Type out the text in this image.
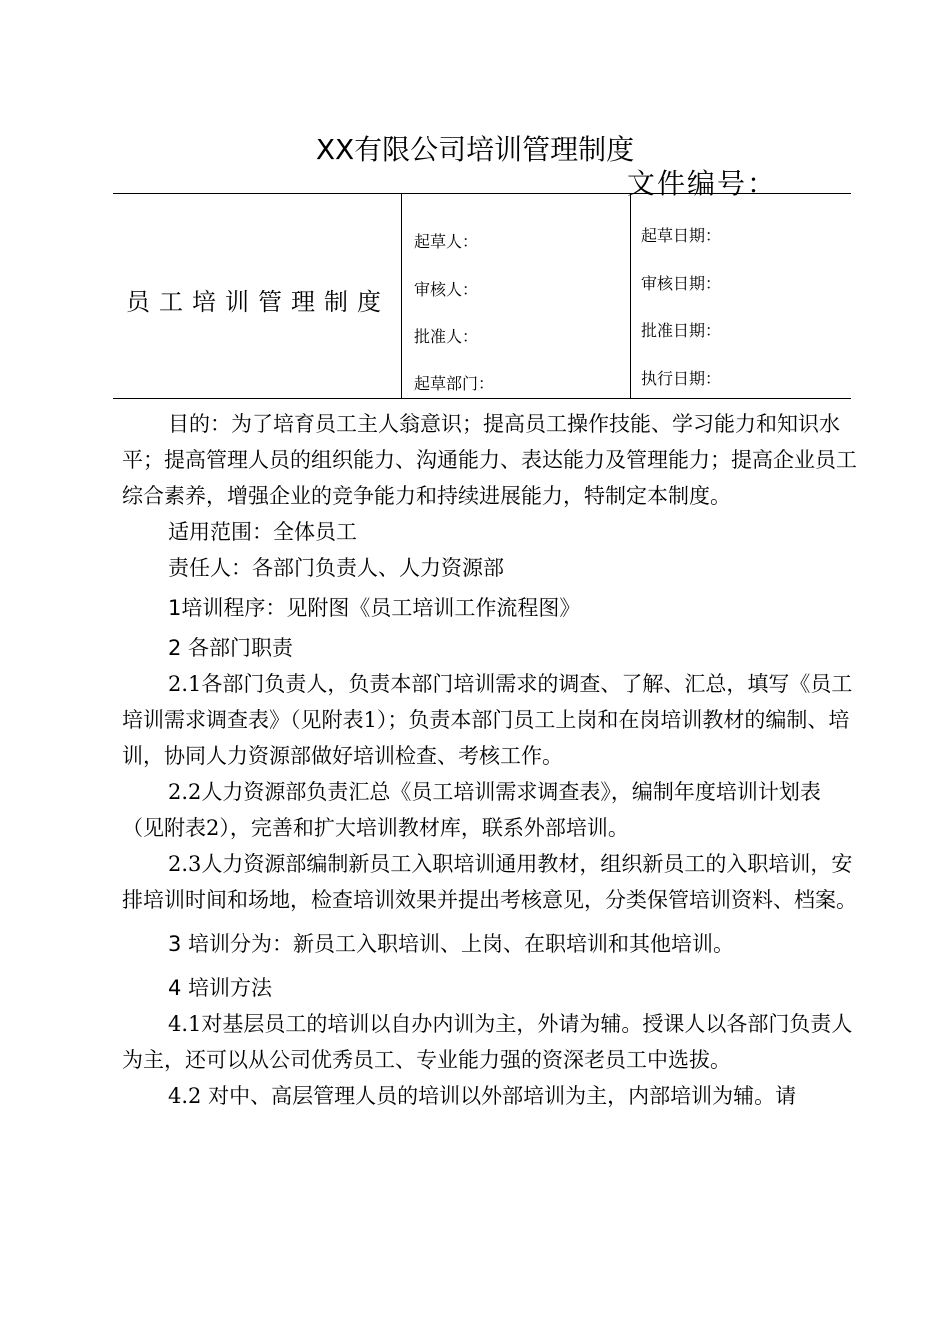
XX有限公司培训管理制度
文件编号：
员工培训管理制度
起草人：
审核人：
批准人：
起草部门：
起草日期：
审核日期：
批准日期：
执行日期：

目的：为了培育员工主人翁意识；提高员工操作技能、学习能力和知识水平；提高管理人员的组织能力、沟通能力、表达能力及管理能力；提高企业员工综合素养，增强企业的竞争能力和持续进展能力，特制定本制度。

适用范围：全体员工

责任人：各部门负责人、人力资源部

1培训程序：见附图《员工培训工作流程图》

2 各部门职责

2.1各部门负责人，负责本部门培训需求的调查、了解、汇总，填写《员工培训需求调查表》（见附表1）；负责本部门员工上岗和在岗培训教材的编制、培训，协同人力资源部做好培训检查、考核工作。

2.2人力资源部负责汇总《员工培训需求调查表》，编制年度培训计划表（见附表2），完善和扩大培训教材库，联系外部培训。

2.3人力资源部编制新员工入职培训通用教材，组织新员工的入职培训，安排培训时间和场地，检查培训效果并提出考核意见，分类保管培训资料、档案。

3 培训分为：新员工入职培训、上岗、在职培训和其他培训。

4 培训方法

4.1对基层员工的培训以自办内训为主，外请为辅。授课人以各部门负责人为主，还可以从公司优秀员工、专业能力强的资深老员工中选拔。

4.2 对中、高层管理人员的培训以外部培训为主，内部培训为辅。请
